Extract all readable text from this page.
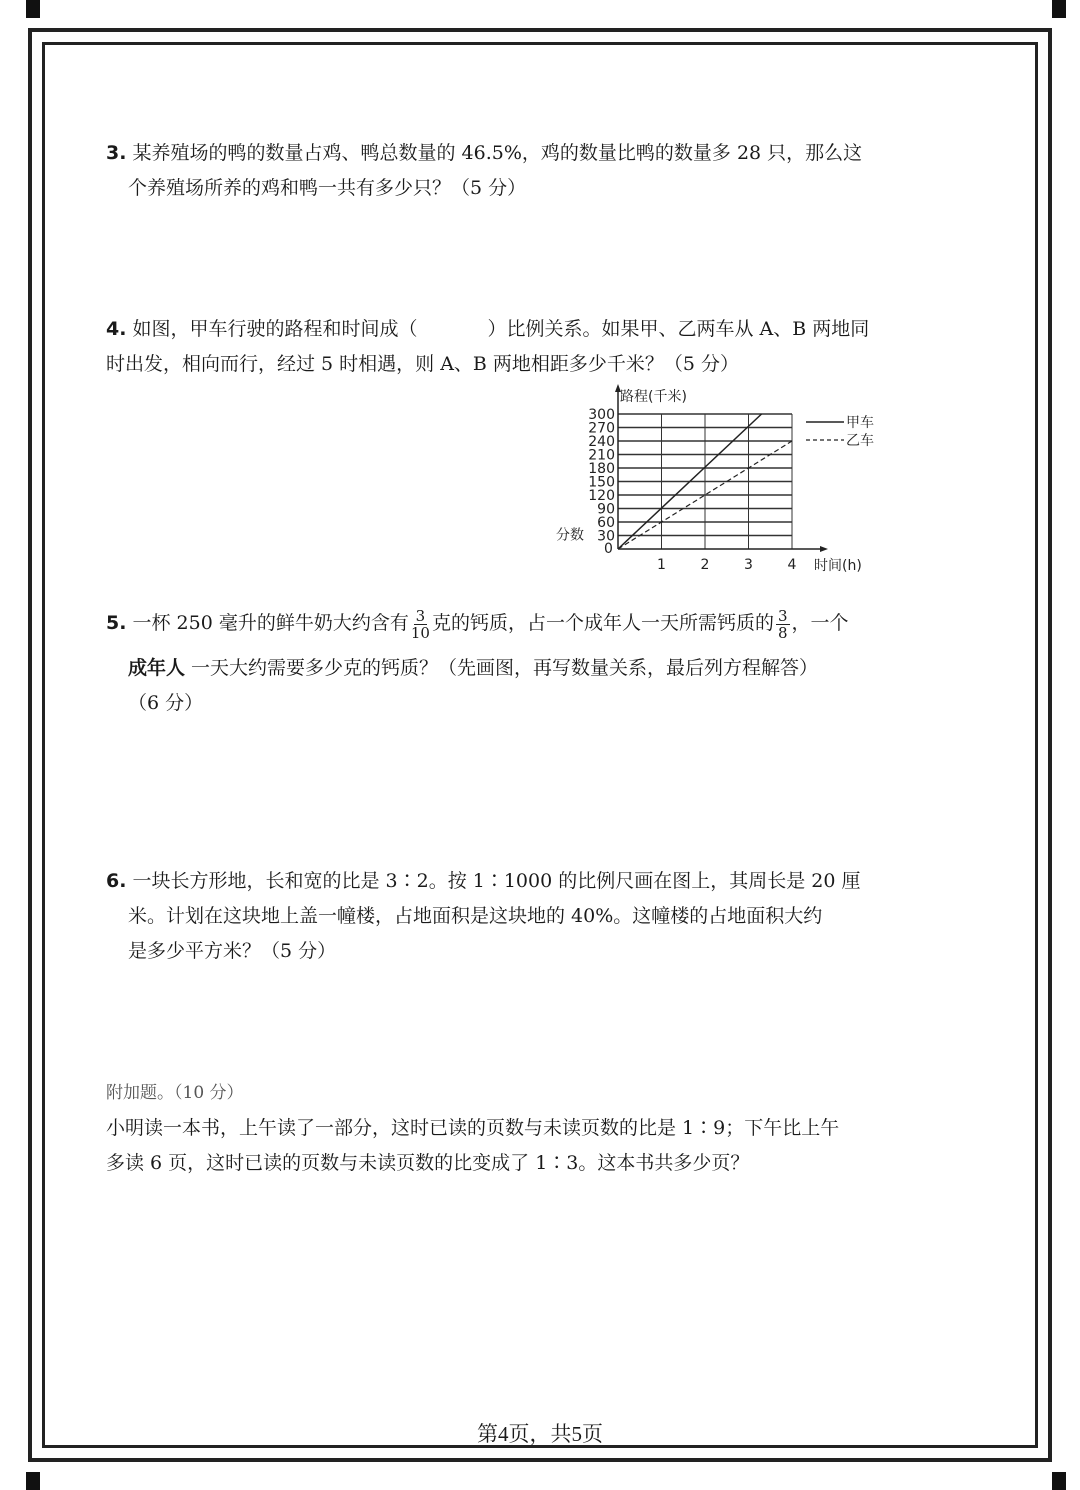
3. 某养殖场的鸭的数量占鸡、鸭总数量的 46.5%，鸡的数量比鸭的数量多 28 只，那么这
个养殖场所养的鸡和鸭一共有多少只？（5 分）
4. 如图，甲车行驶的路程和时间成（	）比例关系。如果甲、乙两车从 A、B 两地同
时出发，相向而行，经过 5 时相遇，则 A、B 两地相距多少千米？（5 分）
30
60
90
120
150
180
210
240
270
300
1 2 3 4
路程(千米)
时间(h)
分数
0
甲车
乙车
5. 一杯 250 毫升的鲜牛奶大约含有 $\frac{3}{10}$ 克的钙质，占一个成年人一天所需钙质的 $\frac{3}{8}$ ，一个
成年人 一天大约需要多少克的钙质？（先画图，再写数量关系，最后列方程解答）
（6 分）
6. 一块长方形地，长和宽的比是 3∶2。按 1∶1000 的比例尺画在图上，其周长是 20 厘
米。计划在这块地上盖一幢楼，占地面积是这块地的 40%。这幢楼的占地面积大约
是多少平方米？（5 分）
附加题。（10 分）
小明读一本书，上午读了一部分，这时已读的页数与未读页数的比是 1∶9；下午比上午
多读 6 页，这时已读的页数与未读页数的比变成了 1∶3。这本书共多少页？
第4页，共5页
